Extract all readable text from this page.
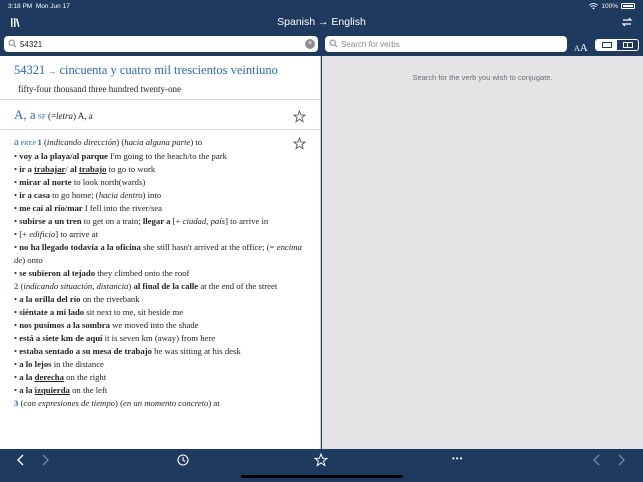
3:18 PM Mon Jun 17	100%
Spanish → English
54321	×	Search for verbs	AA
54321 → cincuenta y cuatro mil trescientos veintiuno
fifty-four thousand three hundred twenty-one
A, a SF (=letra) A, a
a PREP 1 (indicando dirección) (hacia alguna parte) to
• voy a la playa/al parque I'm going to the beach/to the park
• ir a trabajar/ al trabajo to go to work
• mirar al norte to look north(wards)
• ir a casa to go home; (hacia dentro) into
• me caí al río/mar I fell into the river/sea
• subirse a un tren to get on a train; llegar a [+ ciudad, país] to arrive in
• [+ edificio] to arrive at
• no ha llegado todavía a la oficina she still hasn't arrived at the office; (= encima de) onto
• se subieron al tejado they climbed onto the roof
2 (indicando situación, distancia) al final de la calle at the end of the street
• a la orilla del río on the riverbank
• siéntate a mi lado sit next to me, sit beside me
• nos pusimos a la sombra we moved into the shade
• está a siete km de aquí it is seven km (away) from here
• estaba sentado a su mesa de trabajo he was sitting at his desk
• a lo lejos in the distance
• a la derecha on the right
• a la izquierda on the left
3 (con expresiones de tiempo) (en un momento concreto) at
Search for the verb you wish to conjugate.
•••
